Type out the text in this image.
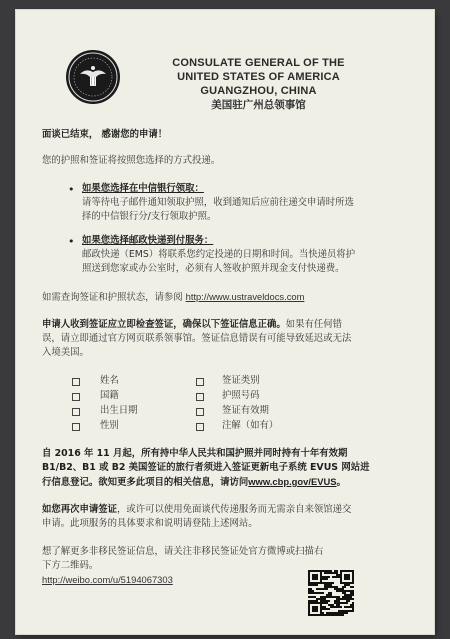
CONSULATE GENERAL OF THE
UNITED STATES OF AMERICA
GUANGZHOU, CHINA
美国驻广州总领事馆
面谈已结束， 感谢您的申请！
您的护照和签证将按照您选择的方式投递。
• 如果您选择在中信银行领取：
请等待电子邮件通知领取护照，收到通知后应前往递交申请时所选
择的中信银行分/支行领取护照。
• 如果您选择邮政快递到付服务：
邮政快递（EMS）将联系您约定投递的日期和时间。当快递员将护
照送到您家或办公室时，必须有人签收护照并现金支付快递费。
如需查询签证和护照状态，请参阅 http://www.ustraveldocs.com
申请人收到签证应立即检查签证，确保以下签证信息正确。如果有任何错
误，请立即通过官方网页联系领事馆。签证信息错误有可能导致延迟或无法
入境美国。
姓名
国籍
出生日期
性别
签证类别
护照号码
签证有效期
注解（如有）
自 2016 年 11 月起，所有持中华人民共和国护照并同时持有十年有效期
B1/B2、B1 或 B2 美国签证的旅行者须进入签证更新电子系统 EVUS 网站进
行信息登记。欲知更多此项目的相关信息，请访问www.cbp.gov/EVUS。
如您再次申请签证，或许可以使用免面谈代传递服务而无需亲自来领馆递交
申请。此项服务的具体要求和说明请登陆上述网站。
想了解更多非移民签证信息，请关注非移民签证处官方微博或扫描右
下方二维码。
http://weibo.com/u/5194067303
